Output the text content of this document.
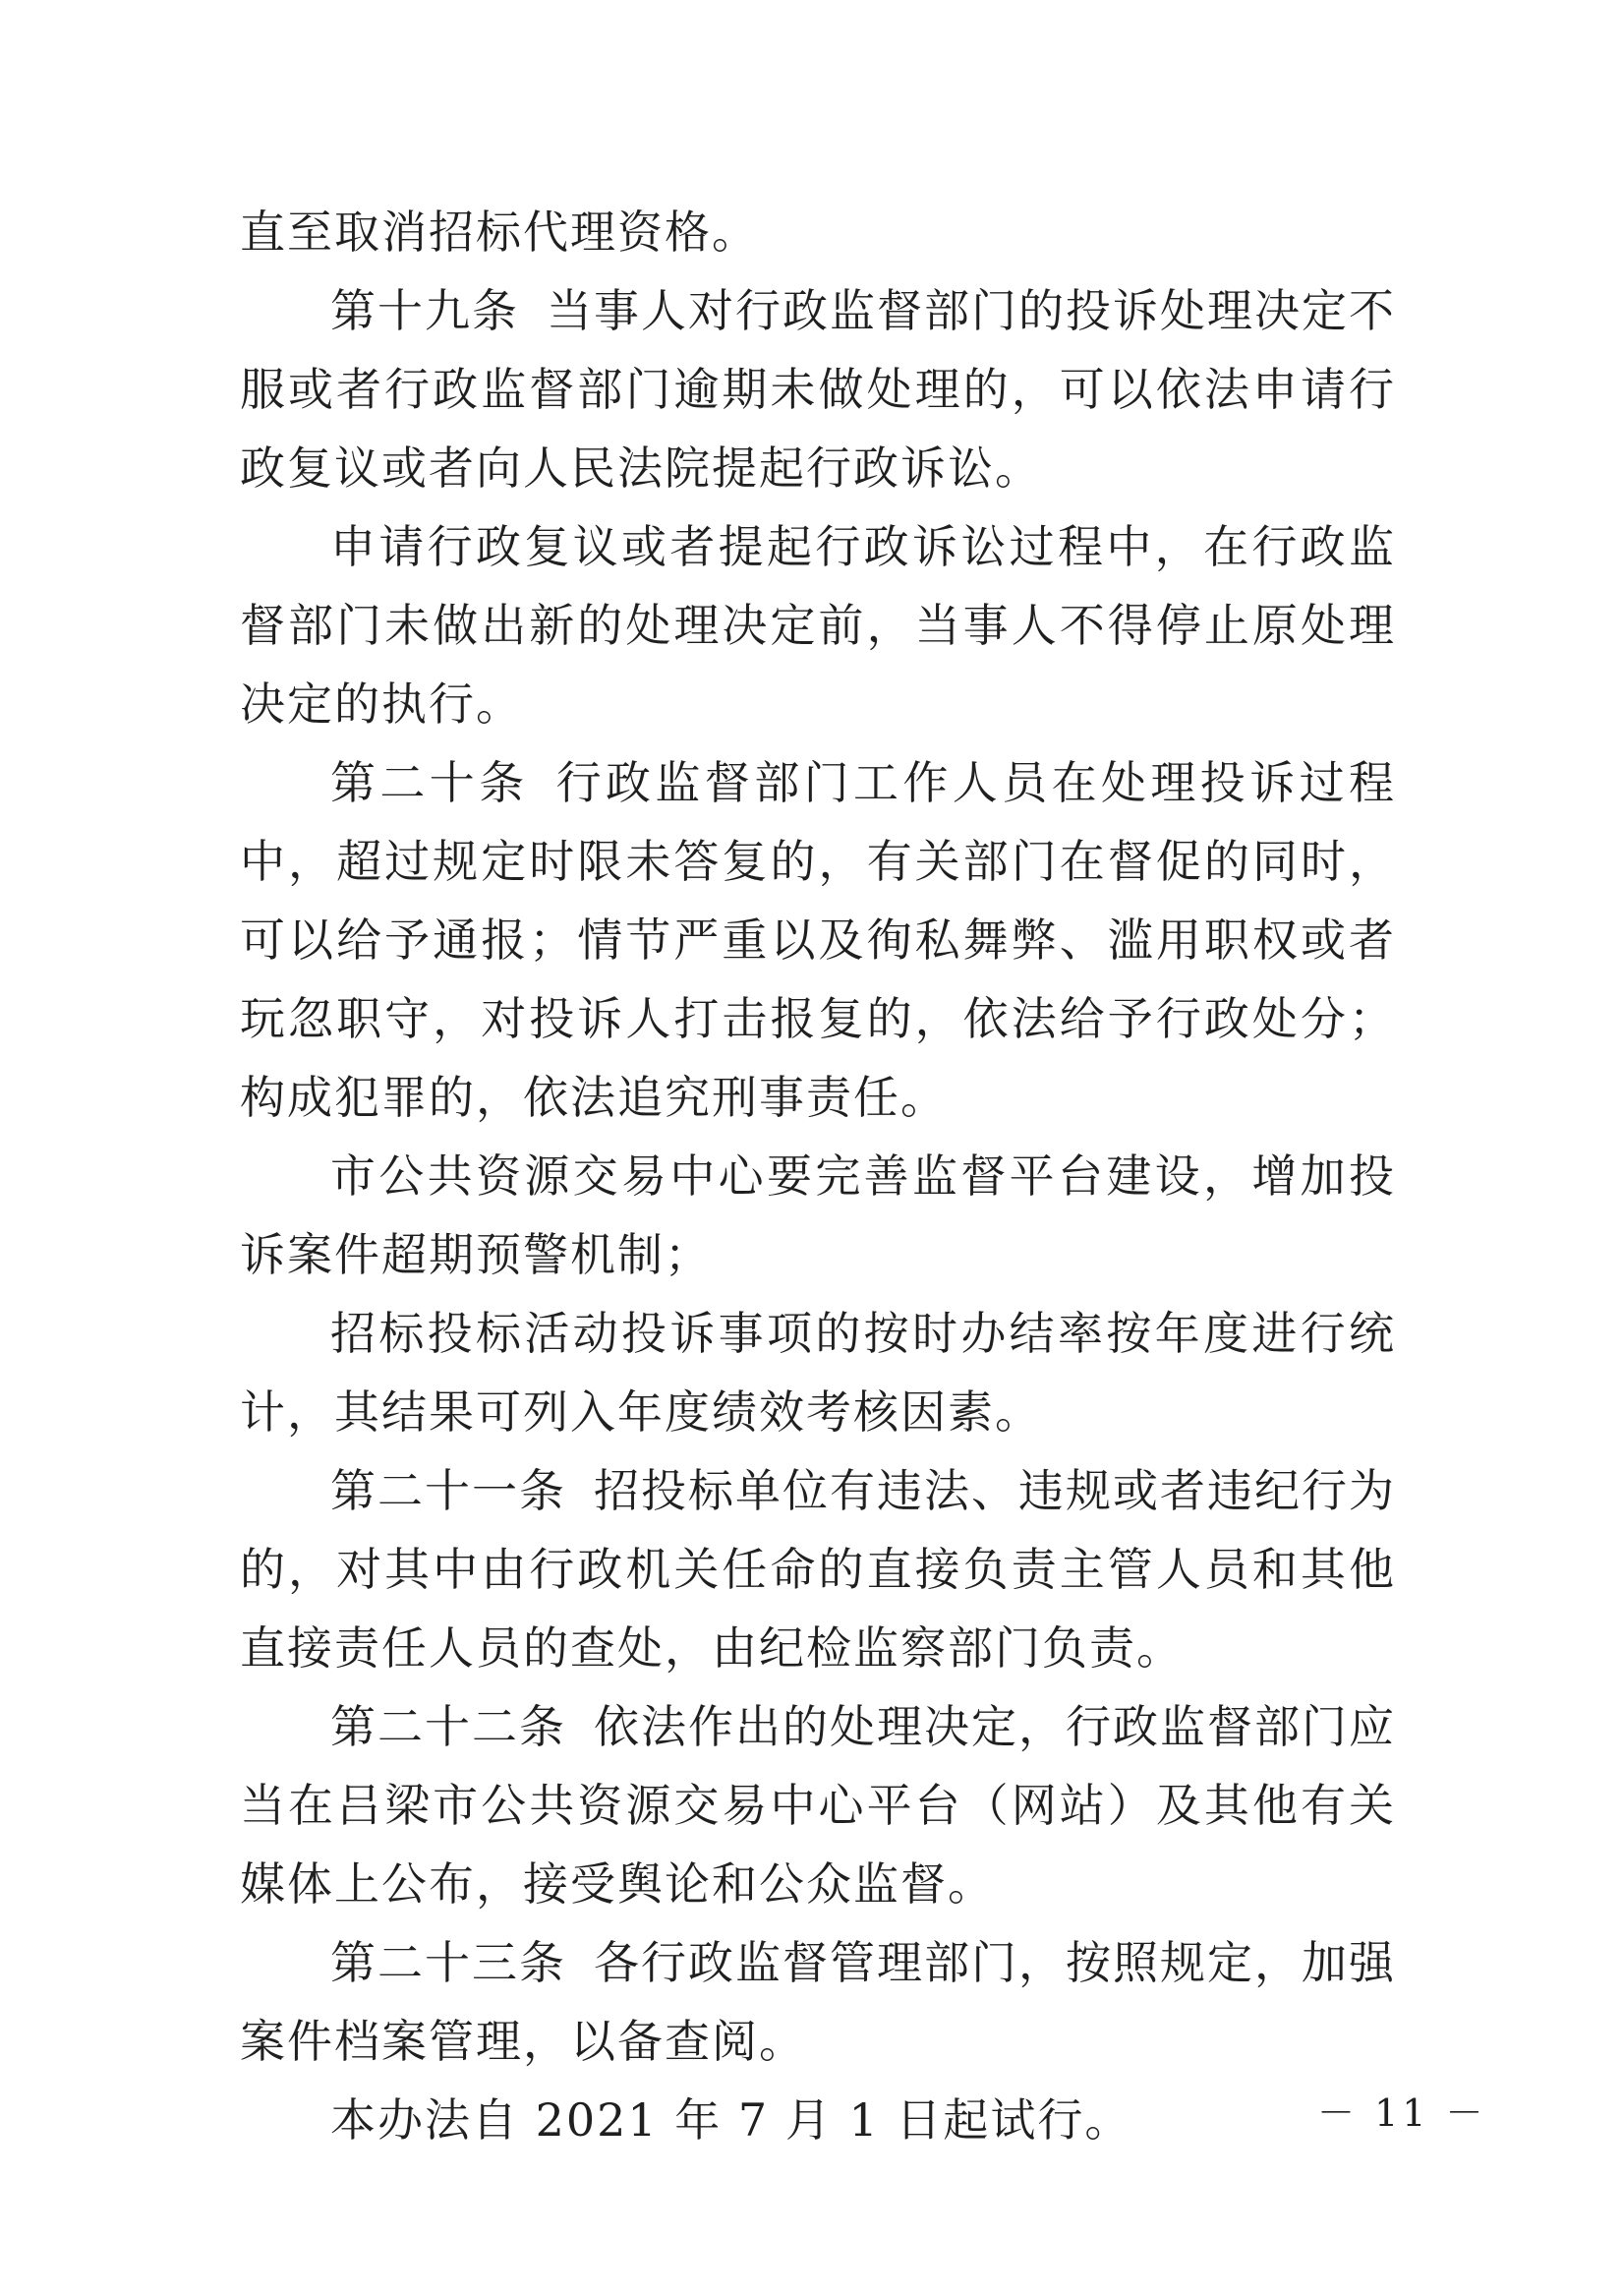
直至取消招标代理资格。

第十九条 当事人对行政监督部门的投诉处理决定不服或者行政监督部门逾期未做处理的，可以依法申请行政复议或者向人民法院提起行政诉讼。

申请行政复议或者提起行政诉讼过程中，在行政监督部门未做出新的处理决定前，当事人不得停止原处理决定的执行。

第二十条 行政监督部门工作人员在处理投诉过程中，超过规定时限未答复的，有关部门在督促的同时，可以给予通报；情节严重以及徇私舞弊、滥用职权或者玩忽职守，对投诉人打击报复的，依法给予行政处分；构成犯罪的，依法追究刑事责任。

市公共资源交易中心要完善监督平台建设，增加投诉案件超期预警机制；

招标投标活动投诉事项的按时办结率按年度进行统计，其结果可列入年度绩效考核因素。

第二十一条 招投标单位有违法、违规或者违纪行为的，对其中由行政机关任命的直接负责主管人员和其他直接责任人员的查处，由纪检监察部门负责。

第二十二条 依法作出的处理决定，行政监督部门应当在吕梁市公共资源交易中心平台（网站）及其他有关媒体上公布，接受舆论和公众监督。

第二十三条 各行政监督管理部门，按照规定，加强案件档案管理，以备查阅。

本办法自 2021 年 7 月 1 日起试行。	－ 11 －
